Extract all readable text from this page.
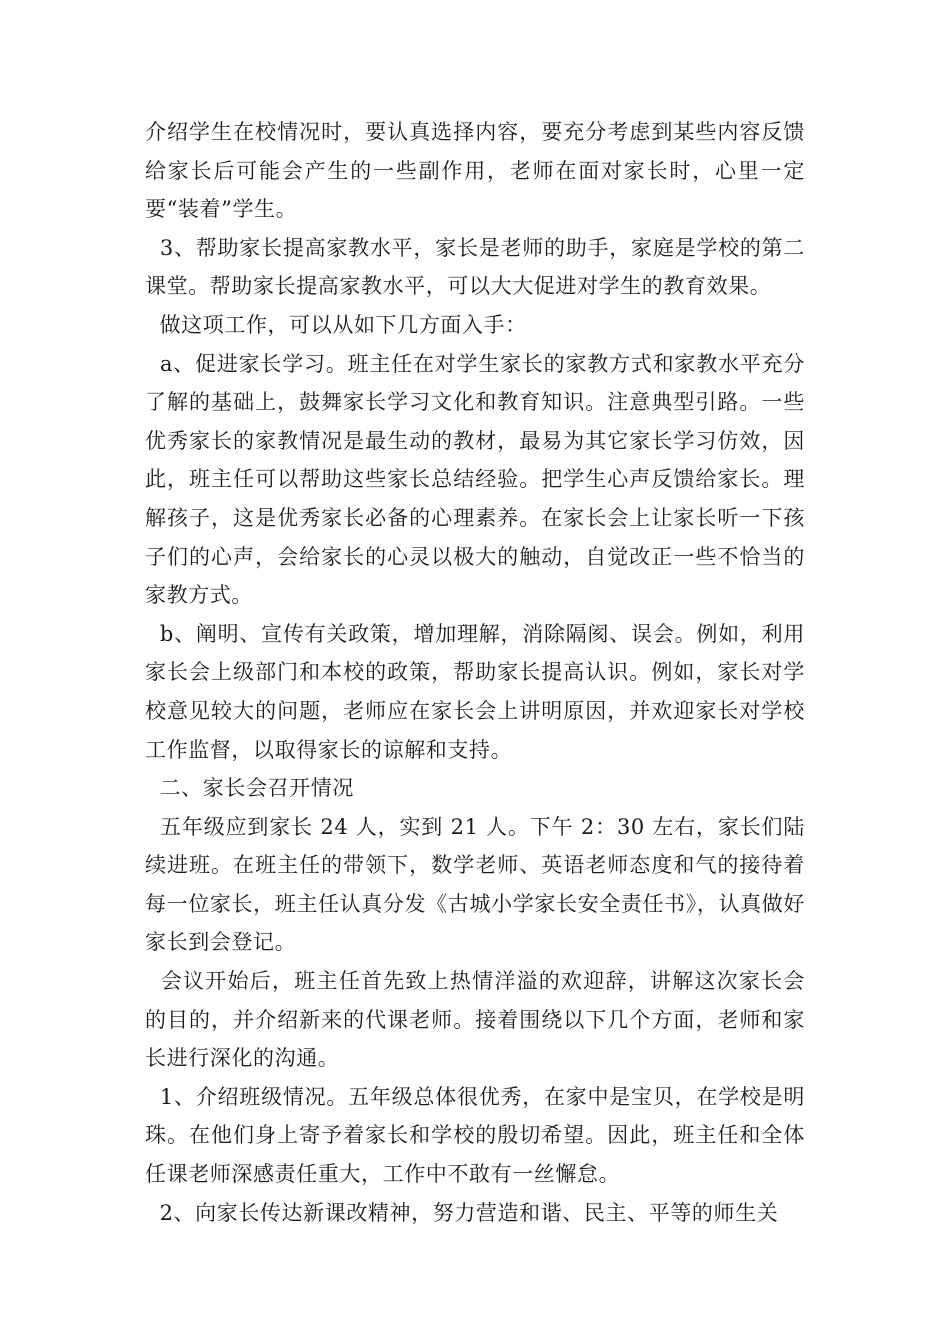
介绍学生在校情况时，要认真选择内容，要充分考虑到某些内容反馈给家长后可能会产生的一些副作用，老师在面对家长时，心里一定要“装着”学生。

3、帮助家长提高家教水平，家长是老师的助手，家庭是学校的第二课堂。帮助家长提高家教水平，可以大大促进对学生的教育效果。

做这项工作，可以从如下几方面入手：

a、促进家长学习。班主任在对学生家长的家教方式和家教水平充分了解的基础上，鼓舞家长学习文化和教育知识。注意典型引路。一些优秀家长的家教情况是最生动的教材，最易为其它家长学习仿效，因此，班主任可以帮助这些家长总结经验。把学生心声反馈给家长。理解孩子，这是优秀家长必备的心理素养。在家长会上让家长听一下孩子们的心声，会给家长的心灵以极大的触动，自觉改正一些不恰当的家教方式。

b、阐明、宣传有关政策，增加理解，消除隔阂、误会。例如，利用家长会上级部门和本校的政策，帮助家长提高认识。例如，家长对学校意见较大的问题，老师应在家长会上讲明原因，并欢迎家长对学校工作监督，以取得家长的谅解和支持。

二、家长会召开情况

五年级应到家长 24 人，实到 21 人。下午 2：30 左右，家长们陆续进班。在班主任的带领下，数学老师、英语老师态度和气的接待着每一位家长，班主任认真分发《古城小学家长安全责任书》，认真做好家长到会登记。

会议开始后，班主任首先致上热情洋溢的欢迎辞，讲解这次家长会的目的，并介绍新来的代课老师。接着围绕以下几个方面，老师和家长进行深化的沟通。

1、介绍班级情况。五年级总体很优秀，在家中是宝贝，在学校是明珠。在他们身上寄予着家长和学校的殷切希望。因此，班主任和全体任课老师深感责任重大，工作中不敢有一丝懈怠。

2、向家长传达新课改精神，努力营造和谐、民主、平等的师生关
